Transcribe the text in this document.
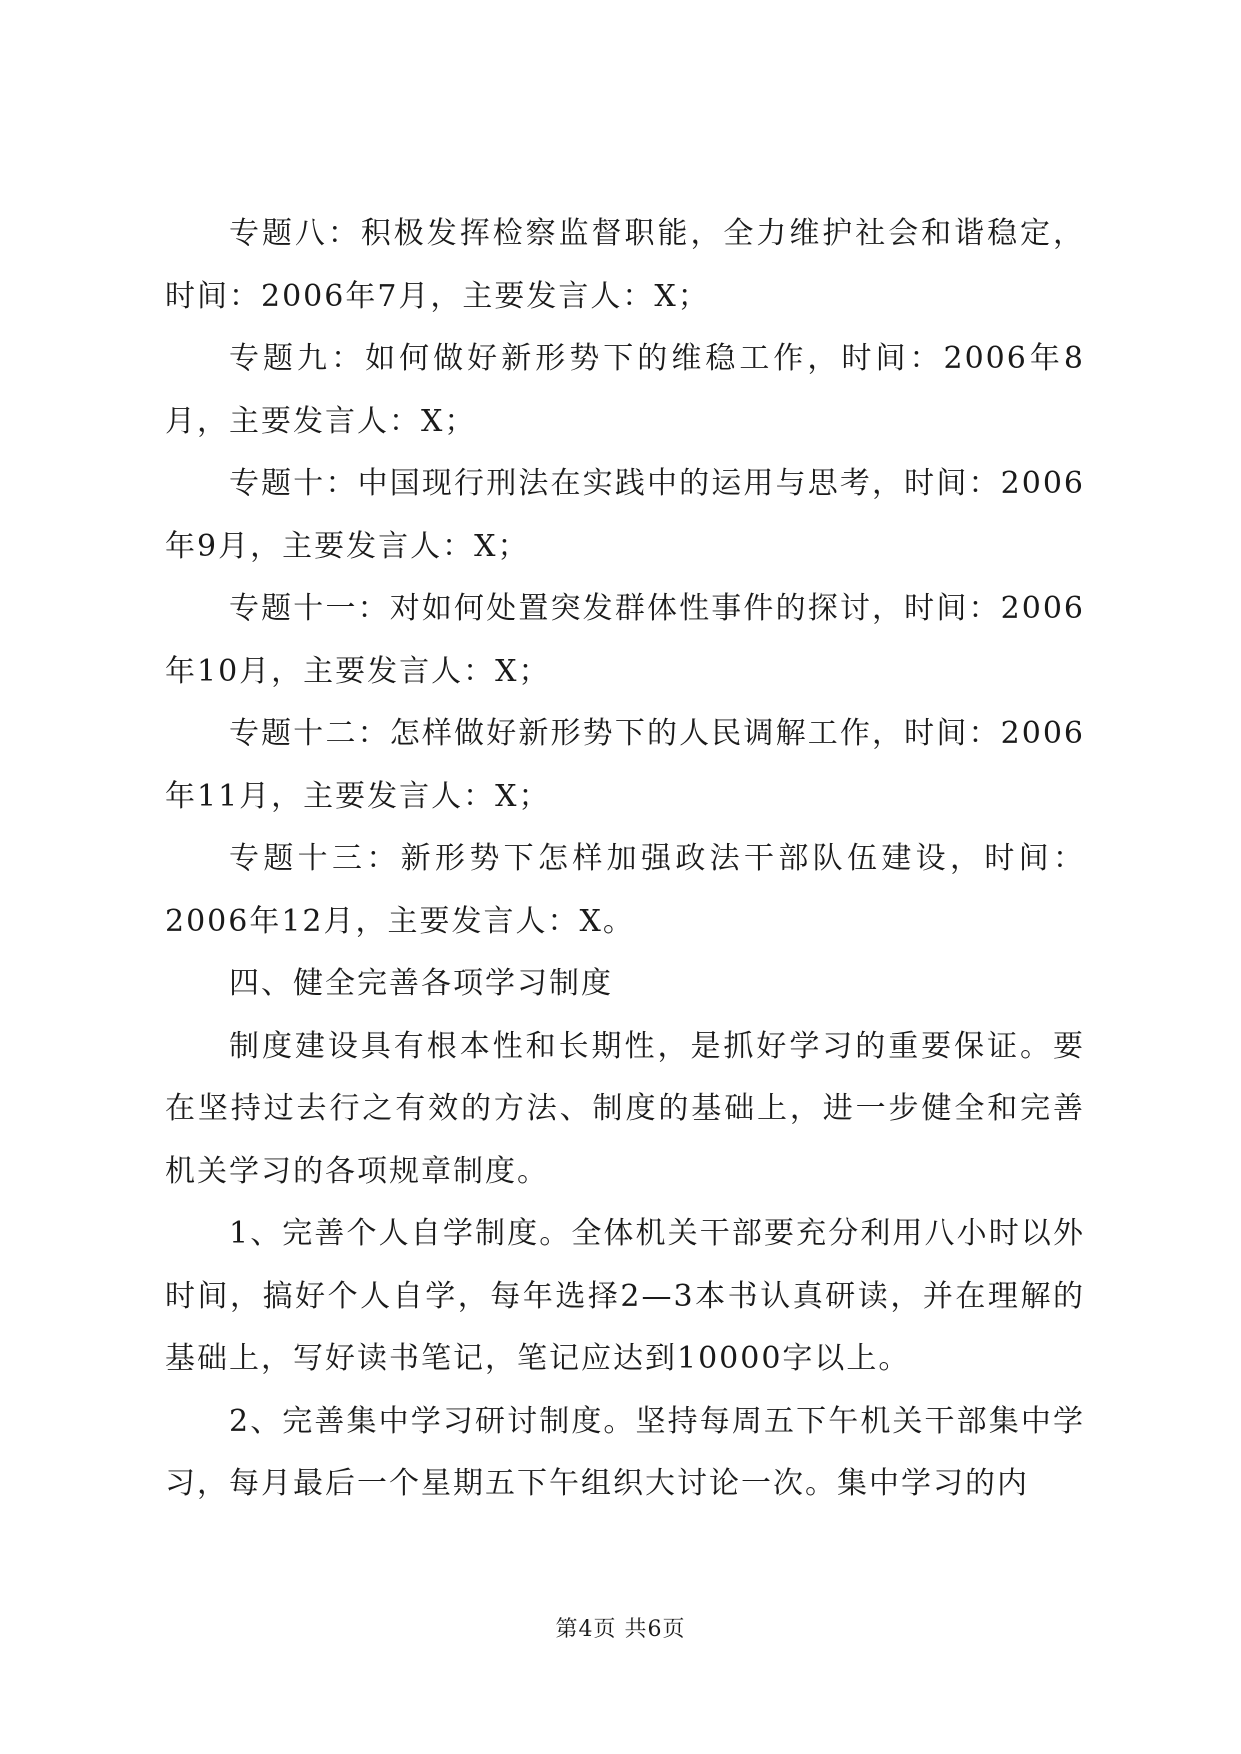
专题八：积极发挥检察监督职能，全力维护社会和谐稳定，时间：2006年7月，主要发言人：X；

专题九：如何做好新形势下的维稳工作，时间：2006年8月，主要发言人：X；

专题十：中国现行刑法在实践中的运用与思考，时间：2006年9月，主要发言人：X；

专题十一：对如何处置突发群体性事件的探讨，时间：2006年10月，主要发言人：X；

专题十二：怎样做好新形势下的人民调解工作，时间：2006年11月，主要发言人：X；

专题十三：新形势下怎样加强政法干部队伍建设，时间：2006年12月，主要发言人：X。

四、健全完善各项学习制度

制度建设具有根本性和长期性，是抓好学习的重要保证。要在坚持过去行之有效的方法、制度的基础上，进一步健全和完善机关学习的各项规章制度。

1、完善个人自学制度。全体机关干部要充分利用八小时以外时间，搞好个人自学，每年选择2—3本书认真研读，并在理解的基础上，写好读书笔记，笔记应达到10000字以上。

2、完善集中学习研讨制度。坚持每周五下午机关干部集中学习，每月最后一个星期五下午组织大讨论一次。集中学习的内

第4页 共6页
